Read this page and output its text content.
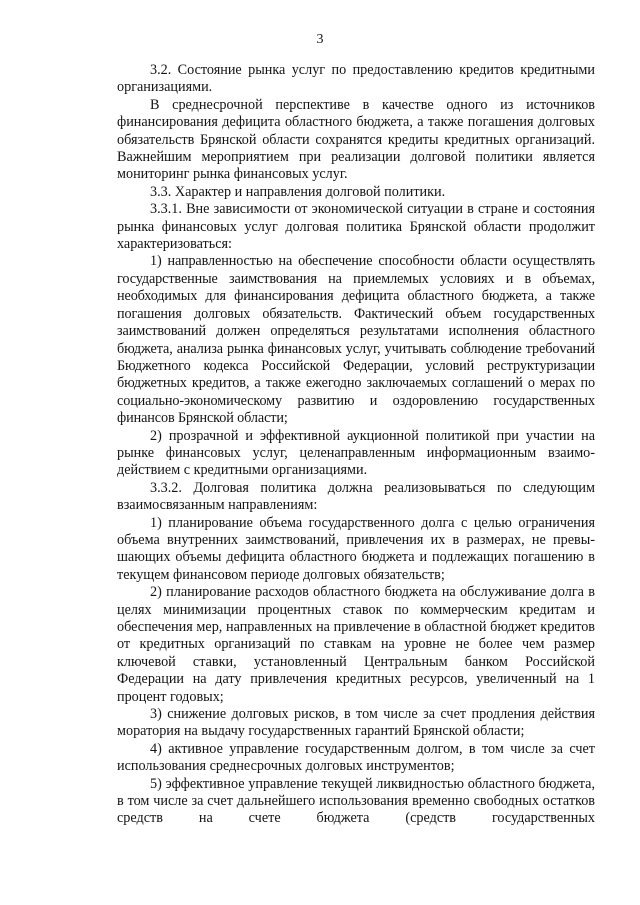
3

3.2. Состояние рынка услуг по предоставлению кредитов кредитными организациями.

В среднесрочной перспективе в качестве одного из источников финансирования дефицита областного бюджета, а также погашения долговых обязательств Брянской области сохранятся кредиты кредитных организаций. Важнейшим мероприятием при реализации долговой политики является мониторинг рынка финансовых услуг.

3.3. Характер и направления долговой политики.

3.3.1. Вне зависимости от экономической ситуации в стране и состояния рынка финансовых услуг долговая политика Брянской области продолжит характеризоваться:

1) направленностью на обеспечение способности области осуществлять государственные заимствования на приемлемых условиях и в объемах, необходимых для финансирования дефицита областного бюджета, а также погашения долговых обязательств. Фактический объем государственных заимствований должен определяться результатами исполнения областного бюджета, анализа рынка финансовых услуг, учитывать соблюдение требоvаний Бюджетного кодекса Российской Федерации, условий реструктуризации бюджетных кредитов, а также ежегодно заключаемых соглашений о мерах по социально-экономическому развитию и оздоровлению государственных финансов Брянской области;

2) прозрачной и эффективной аукционной политикой при участии на рынке финансовых услуг, целенаправленным информационным взаимодействием с кредитными организациями.

3.3.2. Долговая политика должна реализовываться по следующим взаимосвязанным направлениям:

1) планирование объема государственного долга с целью ограничения объема внутренних заимствований, привлечения их в размерах, не превышающих объемы дефицита областного бюджета и подлежащих погашению в текущем финансовом периоде долговых обязательств;

2) планирование расходов областного бюджета на обслуживание долга в целях минимизации процентных ставок по коммерческим кредитам и обеспечения мер, направленных на привлечение в областной бюджет кредитов от кредитных организаций по ставкам на уровне не более чем размер ключевой ставки, установленный Центральным банком Российской Федерации на дату привлечения кредитных ресурсов, увеличенный на 1 процент годовых;

3) снижение долговых рисков, в том числе за счет продления действия моратория на выдачу государственных гарантий Брянской области;

4) активное управление государственным долгом, в том числе за счет использования среднесрочных долговых инструментов;

5) эффективное управление текущей ликвидностью областного бюджета, в том числе за счет дальнейшего использования временно свободных остатков средств на счете бюджета (средств государственных
